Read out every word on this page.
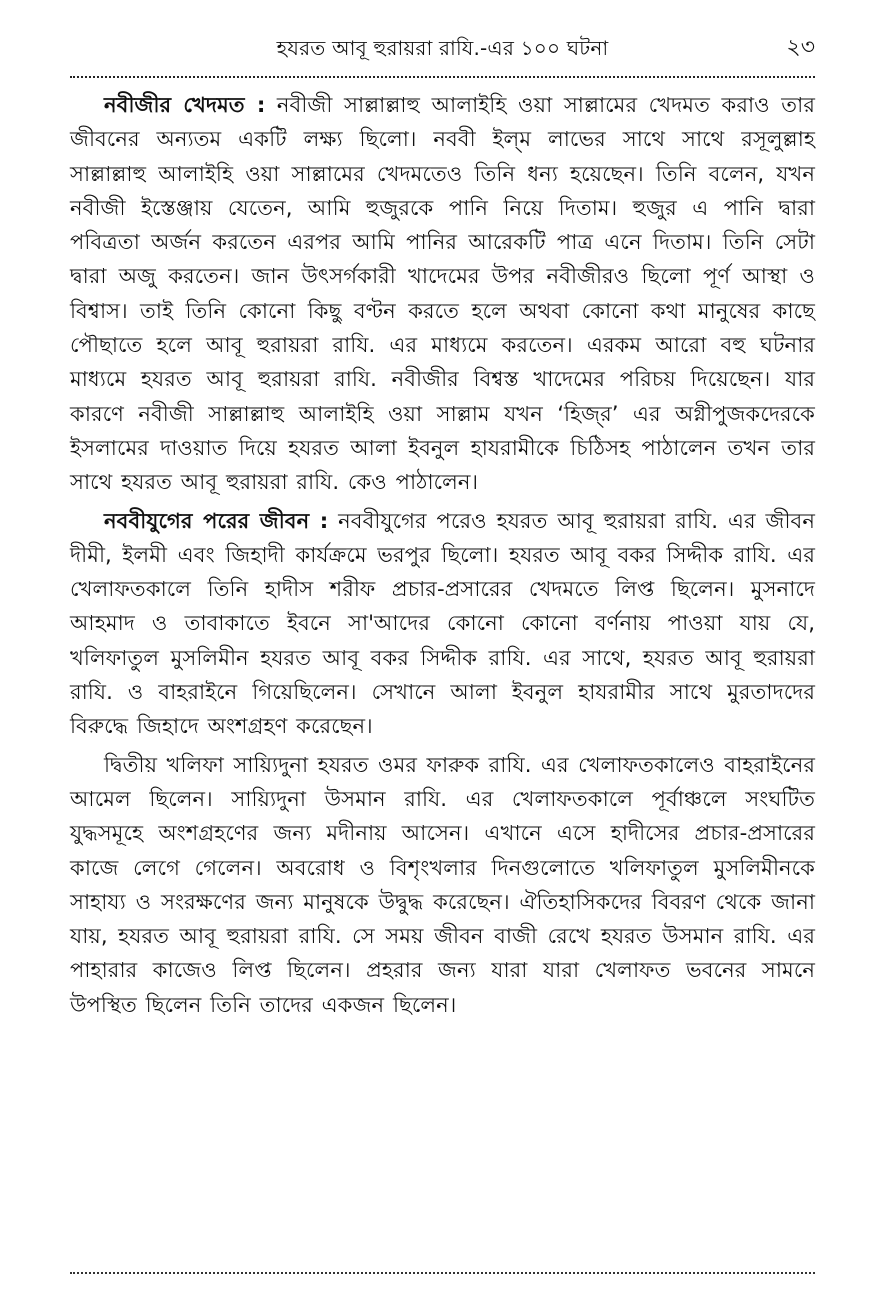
হযরত আবূ হুরায়রা রাযি.-এর ১০০ ঘটনা	২৩

নবীজীর খেদমত : নবীজী সাল্লাল্লাহু আলাইহি ওয়া সাল্লামের খেদমত করাও তার জীবনের অন্যতম একটি লক্ষ্য ছিলো। নববী ইল্‌ম লাভের সাথে সাথে রসূলুল্লাহ সাল্লাল্লাহু আলাইহি ওয়া সাল্লামের খেদমতেও তিনি ধন্য হয়েছেন। তিনি বলেন, যখন নবীজী ইস্তেঞ্জায় যেতেন, আমি হুজুরকে পানি নিয়ে দিতাম। হুজুর এ পানি দ্বারা পবিত্রতা অর্জন করতেন এরপর আমি পানির আরেকটি পাত্র এনে দিতাম। তিনি সেটা দ্বারা অজু করতেন। জান উৎসর্গকারী খাদেমের উপর নবীজীরও ছিলো পূর্ণ আস্থা ও বিশ্বাস। তাই তিনি কোনো কিছু বণ্টন করতে হলে অথবা কোনো কথা মানুষের কাছে পৌছাতে হলে আবূ হুরায়রা রাযি. এর মাধ্যমে করতেন। এরকম আরো বহু ঘটনার মাধ্যমে হযরত আবূ হুরায়রা রাযি. নবীজীর বিশ্বস্ত খাদেমের পরিচয় দিয়েছেন। যার কারণে নবীজী সাল্লাল্লাহু আলাইহি ওয়া সাল্লাম যখন ‘হিজ্‌র’ এর অগ্নীপুজকদেরকে ইসলামের দাওয়াত দিয়ে হযরত আলা ইবনুল হাযরামীকে চিঠিসহ পাঠালেন তখন তার সাথে হযরত আবূ হুরায়রা রাযি. কেও পাঠালেন।

নববীযুগের পরের জীবন : নববীযুগের পরেও হযরত আবূ হুরায়রা রাযি. এর জীবন দীমী, ইলমী এবং জিহাদী কার্যক্রমে ভরপুর ছিলো। হযরত আবূ বকর সিদ্দীক রাযি. এর খেলাফতকালে তিনি হাদীস শরীফ প্রচার-প্রসারের খেদমতে লিপ্ত ছিলেন। মুসনাদে আহমাদ ও তাবাকাতে ইবনে সা'আদের কোনো কোনো বর্ণনায় পাওয়া যায় যে, খলিফাতুল মুসলিমীন হযরত আবূ বকর সিদ্দীক রাযি. এর সাথে, হযরত আবূ হুরায়রা রাযি. ও বাহরাইনে গিয়েছিলেন। সেখানে আলা ইবনুল হাযরামীর সাথে মুরতাদদের বিরুদ্ধে জিহাদে অংশগ্রহণ করেছেন।

দ্বিতীয় খলিফা সায়্যিদুনা হযরত ওমর ফারুক রাযি. এর খেলাফতকালেও বাহরাইনের আমেল ছিলেন। সায়্যিদুনা উসমান রাযি. এর খেলাফতকালে পূর্বাঞ্চলে সংঘটিত যুদ্ধসমূহে অংশগ্রহণের জন্য মদীনায় আসেন। এখানে এসে হাদীসের প্রচার-প্রসারের কাজে লেগে গেলেন। অবরোধ ও বিশৃংখলার দিনগুলোতে খলিফাতুল মুসলিমীনকে সাহায্য ও সংরক্ষণের জন্য মানুষকে উদ্বুদ্ধ করেছেন। ঐতিহাসিকদের বিবরণ থেকে জানা যায়, হযরত আবূ হুরায়রা রাযি. সে সময় জীবন বাজী রেখে হযরত উসমান রাযি. এর পাহারার কাজেও লিপ্ত ছিলেন। প্রহরার জন্য যারা যারা খেলাফত ভবনের সামনে উপস্থিত ছিলেন তিনি তাদের একজন ছিলেন।
